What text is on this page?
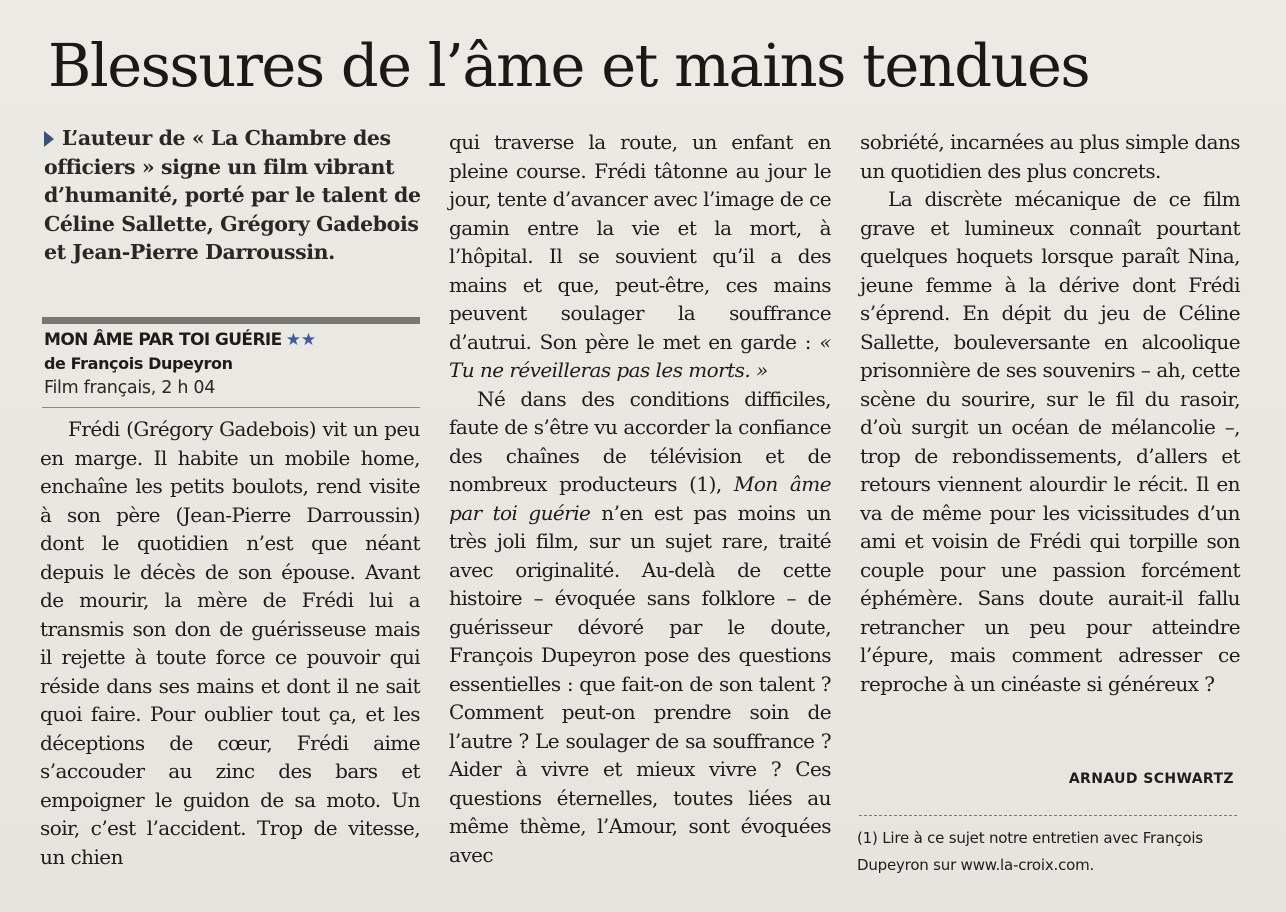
Blessures de l’âme et mains tendues
L’auteur de « La Chambre des officiers » signe un film vibrant d’humanité, porté par le talent de Céline Sallette, Grégory Gadebois et Jean-Pierre Darroussin.
MON ÂME PAR TOI GUÉRIE ★★
de François Dupeyron
Film français, 2 h 04

Frédi (Grégory Gadebois) vit un peu en marge. Il habite un mobile home, enchaîne les petits boulots, rend visite à son père (Jean-Pierre Darroussin) dont le quotidien n’est que néant depuis le décès de son épouse. Avant de mourir, la mère de Frédi lui a transmis son don de guérisseuse mais il rejette à toute force ce pouvoir qui réside dans ses mains et dont il ne sait quoi faire. Pour oublier tout ça, et les déceptions de cœur, Frédi aime s’accouder au zinc des bars et empoigner le guidon de sa moto. Un soir, c’est l’accident. Trop de vitesse, un chien

qui traverse la route, un enfant en pleine course. Frédi tâtonne au jour le jour, tente d’avancer avec l’image de ce gamin entre la vie et la mort, à l’hôpital. Il se souvient qu’il a des mains et que, peut-être, ces mains peuvent soulager la souffrance d’autrui. Son père le met en garde : « Tu ne réveilleras pas les morts. »

Né dans des conditions difficiles, faute de s’être vu accorder la confiance des chaînes de télévision et de nombreux producteurs (1), Mon âme par toi guérie n’en est pas moins un très joli film, sur un sujet rare, traité avec originalité. Au-delà de cette histoire – évoquée sans folklore – de guérisseur dévoré par le doute, François Dupeyron pose des questions essentielles : que fait-on de son talent ? Comment peut-on prendre soin de l’autre ? Le soulager de sa souffrance ? Aider à vivre et mieux vivre ? Ces questions éternelles, toutes liées au même thème, l’Amour, sont évoquées avec

sobriété, incarnées au plus simple dans un quotidien des plus concrets.

La discrète mécanique de ce film grave et lumineux connaît pourtant quelques hoquets lorsque paraît Nina, jeune femme à la dérive dont Frédi s’éprend. En dépit du jeu de Céline Sallette, bouleversante en alcoolique prisonnière de ses souvenirs – ah, cette scène du sourire, sur le fil du rasoir, d’où surgit un océan de mélancolie –, trop de rebondissements, d’allers et retours viennent alourdir le récit. Il en va de même pour les vicissitudes d’un ami et voisin de Frédi qui torpille son couple pour une passion forcément éphémère. Sans doute aurait-il fallu retrancher un peu pour atteindre l’épure, mais comment adresser ce reproche à un cinéaste si généreux ?

ARNAUD SCHWARTZ
(1) Lire à ce sujet notre entretien avec François Dupeyron sur www.la-croix.com.
